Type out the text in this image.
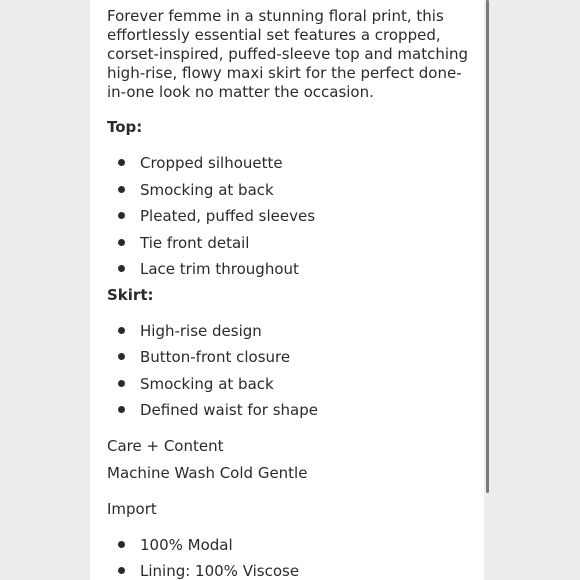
Forever femme in a stunning floral print, this effortlessly essential set features a cropped, corset-inspired, puffed-sleeve top and matching high-rise, flowy maxi skirt for the perfect done-in-one look no matter the occasion.

Top:
Cropped silhouette
Smocking at back
Pleated, puffed sleeves
Tie front detail
Lace trim throughout
Skirt:
High-rise design
Button-front closure
Smocking at back
Defined waist for shape
Care + Content
Machine Wash Cold Gentle
Import
100% Modal
Lining: 100% Viscose
